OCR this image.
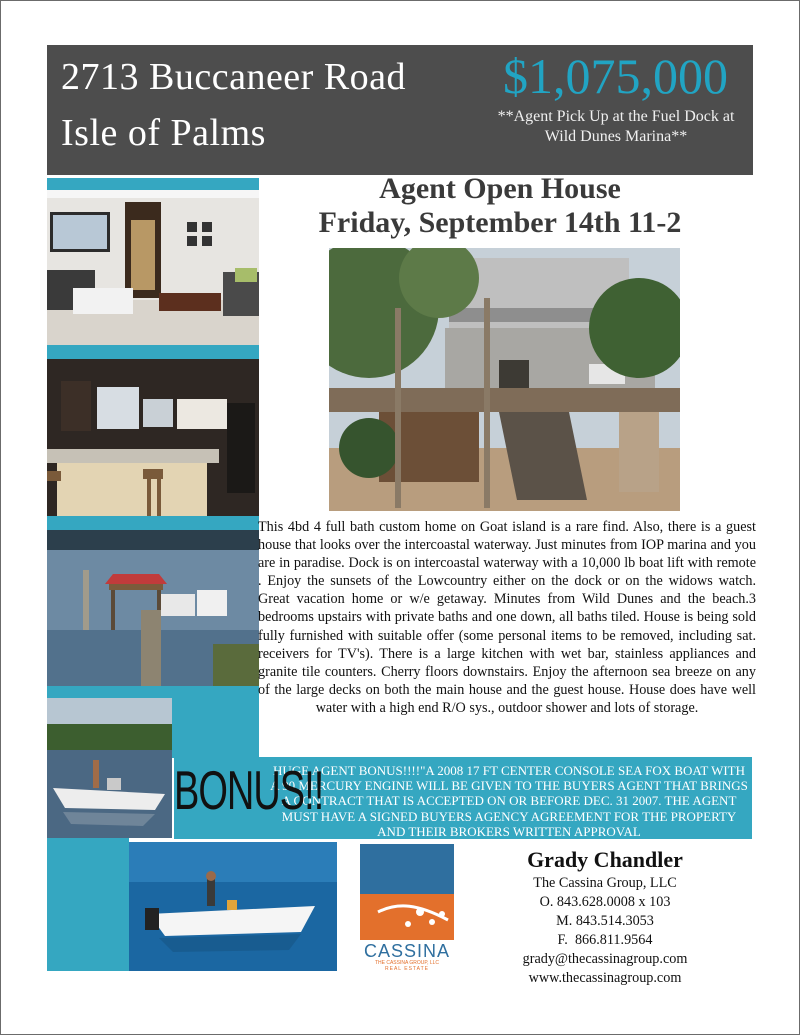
2713 Buccaneer Road
Isle of Palms
$1,075,000
**Agent Pick Up at the Fuel Dock at Wild Dunes Marina**
Agent Open House
Friday, September 14th 11-2
This 4bd 4 full bath custom home on Goat island is a rare find. Also, there is a guest house that looks over the intercoastal waterway. Just minutes from IOP marina and you are in paradise. Dock is on intercoastal waterway with a 10,000 lb boat lift with remote . Enjoy the sunsets of the Lowcountry either on the dock or on the widows watch. Great vacation home or w/e getaway. Minutes from Wild Dunes and the beach.3 bedrooms upstairs with private baths and one down, all baths tiled. House is being sold fully furnished with suitable offer (some personal items to be removed, including sat. receivers for TV's). There is a large kitchen with wet bar, stainless appliances and granite tile counters. Cherry floors downstairs. Enjoy the afternoon sea breeze on any of the large decks on both the main house and the guest house. House does have well water with a high end R/O sys., outdoor shower and lots of storage.
HUGE AGENT BONUS!!!!"A 2008 17 FT CENTER CONSOLE SEA FOX BOAT WITH A 90 MERCURY ENGINE WILL BE GIVEN TO THE BUYERS AGENT THAT BRINGS A CONTRACT THAT IS ACCEPTED ON OR BEFORE DEC. 31 2007. THE AGENT MUST HAVE A SIGNED BUYERS AGENCY AGREEMENT FOR THE PROPERTY AND THEIR BROKERS WRITTEN APPROVAL
BONUS!!
CASSINA
THE CASSINA GROUP, LLC
REAL ESTATE
Grady Chandler
The Cassina Group, LLC
O. 843.628.0008 x 103
M. 843.514.3053
F.  866.811.9564
grady@thecassinagroup.com
www.thecassinagroup.com
